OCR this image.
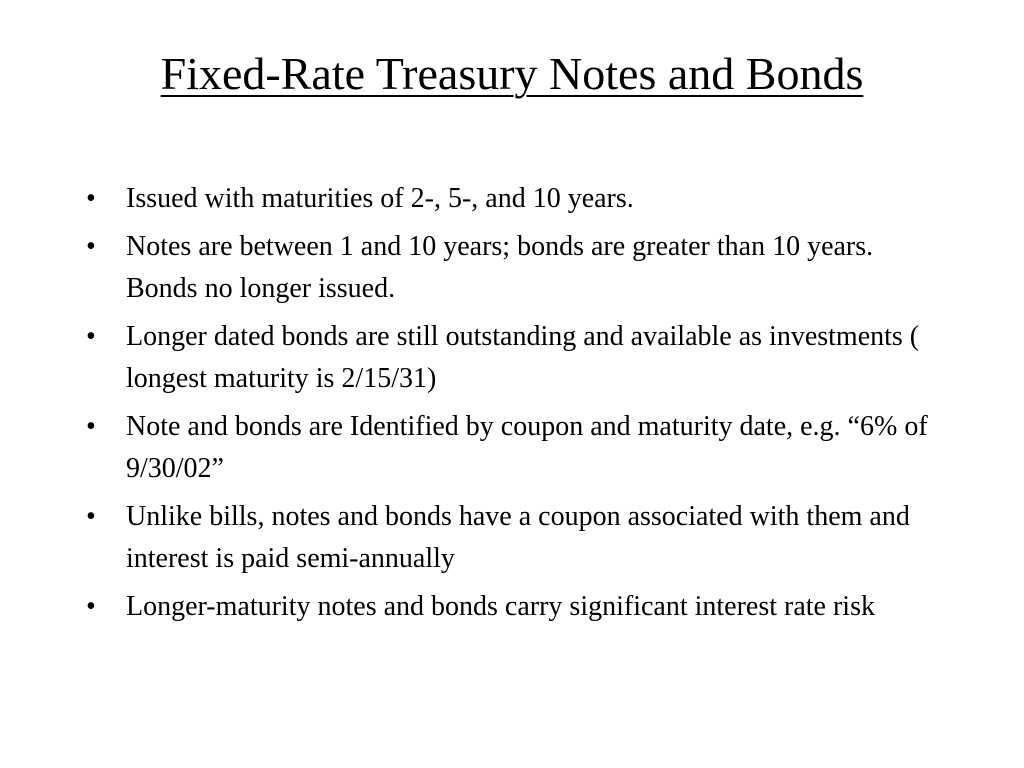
Fixed-Rate Treasury Notes and Bonds
•	Issued with maturities of 2-, 5-, and 10 years.
•	Notes are between 1 and 10 years; bonds are greater than 10 years. Bonds no longer issued.
•	Longer dated bonds are still outstanding and available as investments ( longest maturity is 2/15/31)
•	Note and bonds are Identified by coupon and maturity date, e.g. “6% of 9/30/02”
•	Unlike bills, notes and bonds have a coupon associated with them and interest is paid semi-annually
•	Longer-maturity notes and bonds carry significant interest rate risk
